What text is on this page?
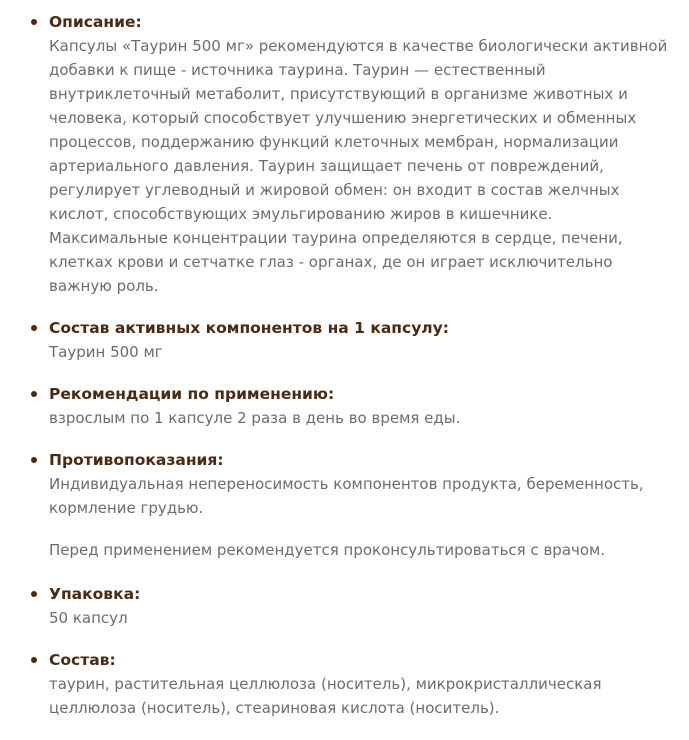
Описание:
Капсулы «Таурин 500 мг» рекомендуются в качестве биологически активной добавки к пище - источника таурина. Таурин — естественный внутриклеточный метаболит, присутствующий в организме животных и человека, который способствует улучшению энергетических и обменных процессов, поддержанию функций клеточных мембран, нормализации артериального давления. Таурин защищает печень от повреждений, регулирует углеводный и жировой обмен: он входит в состав желчных кислот, способствующих эмульгированию жиров в кишечнике. Максимальные концентрации таурина определяются в сердце, печени, клетках крови и сетчатке глаз - органах, де он играет исключительно важную роль.
Состав активных компонентов на 1 капсулу:
Таурин 500 мг
Рекомендации по применению:
взрослым по 1 капсуле 2 раза в день во время еды.
Противопоказания:
Индивидуальная непереносимость компонентов продукта, беременность, кормление грудью.
Перед применением рекомендуется проконсультироваться с врачом.
Упаковка:
50 капсул
Состав:
таурин, растительная целлюлоза (носитель), микрокристаллическая целлюлоза (носитель), стеариновая кислота (носитель).
